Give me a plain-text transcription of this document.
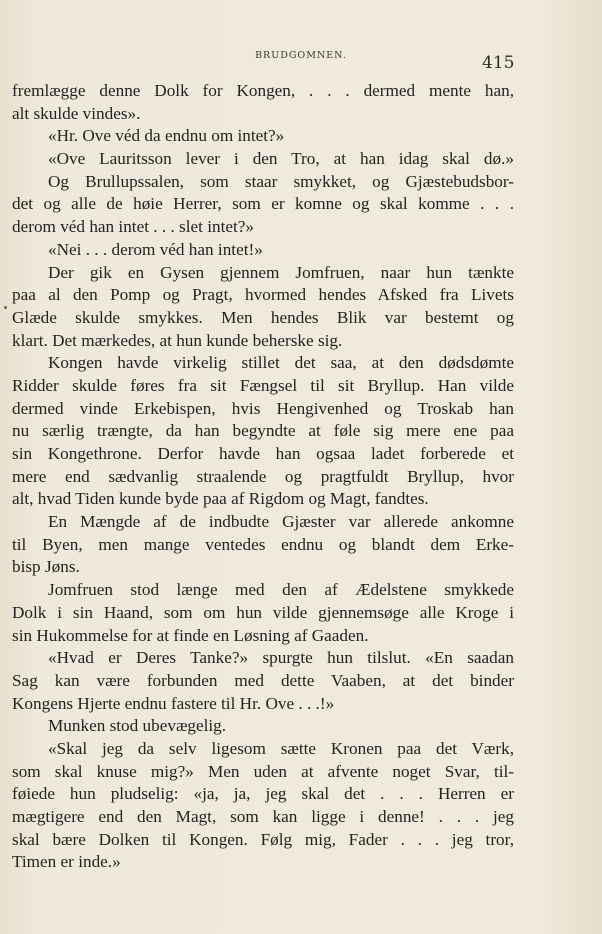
BRUDGOMNEN.	415
fremlægge denne Dolk for Kongen, . . . dermed mente han,
alt skulde vindes».
«Hr. Ove véd da endnu om intet?»
«Ove Lauritsson lever i den Tro, at han idag skal dø.»
Og Brullupssalen, som staar smykket, og Gjæstebudsbor-
det og alle de høie Herrer, som er komne og skal komme . . .
derom véd han intet . . . slet intet?»
«Nei . . . derom véd han intet!»
Der gik en Gysen gjennem Jomfruen, naar hun tænkte
paa al den Pomp og Pragt, hvormed hendes Afsked fra Livets
Glæde skulde smykkes. Men hendes Blik var bestemt og
klart. Det mærkedes, at hun kunde beherske sig.
Kongen havde virkelig stillet det saa, at den dødsdømte
Ridder skulde føres fra sit Fængsel til sit Bryllup. Han vilde
dermed vinde Erkebispen, hvis Hengivenhed og Troskab han
nu særlig trængte, da han begyndte at føle sig mere ene paa
sin Kongethrone. Derfor havde han ogsaa ladet forberede et
mere end sædvanlig straalende og pragtfuldt Bryllup, hvor
alt, hvad Tiden kunde byde paa af Rigdom og Magt, fandtes.
En Mængde af de indbudte Gjæster var allerede ankomne
til Byen, men mange ventedes endnu og blandt dem Erke-
bisp Jøns.
Jomfruen stod længe med den af Ædelstene smykkede
Dolk i sin Haand, som om hun vilde gjennemsøge alle Kroge i
sin Hukommelse for at finde en Løsning af Gaaden.
«Hvad er Deres Tanke?» spurgte hun tilslut. «En saadan
Sag kan være forbunden med dette Vaaben, at det binder
Kongens Hjerte endnu fastere til Hr. Ove . . .!»
Munken stod ubevægelig.
«Skal jeg da selv ligesom sætte Kronen paa det Værk,
som skal knuse mig?» Men uden at afvente noget Svar, til-
føiede hun pludselig: «ja, ja, jeg skal det . . . Herren er
mægtigere end den Magt, som kan ligge i denne! . . . jeg
skal bære Dolken til Kongen. Følg mig, Fader . . . jeg tror,
Timen er inde.»
